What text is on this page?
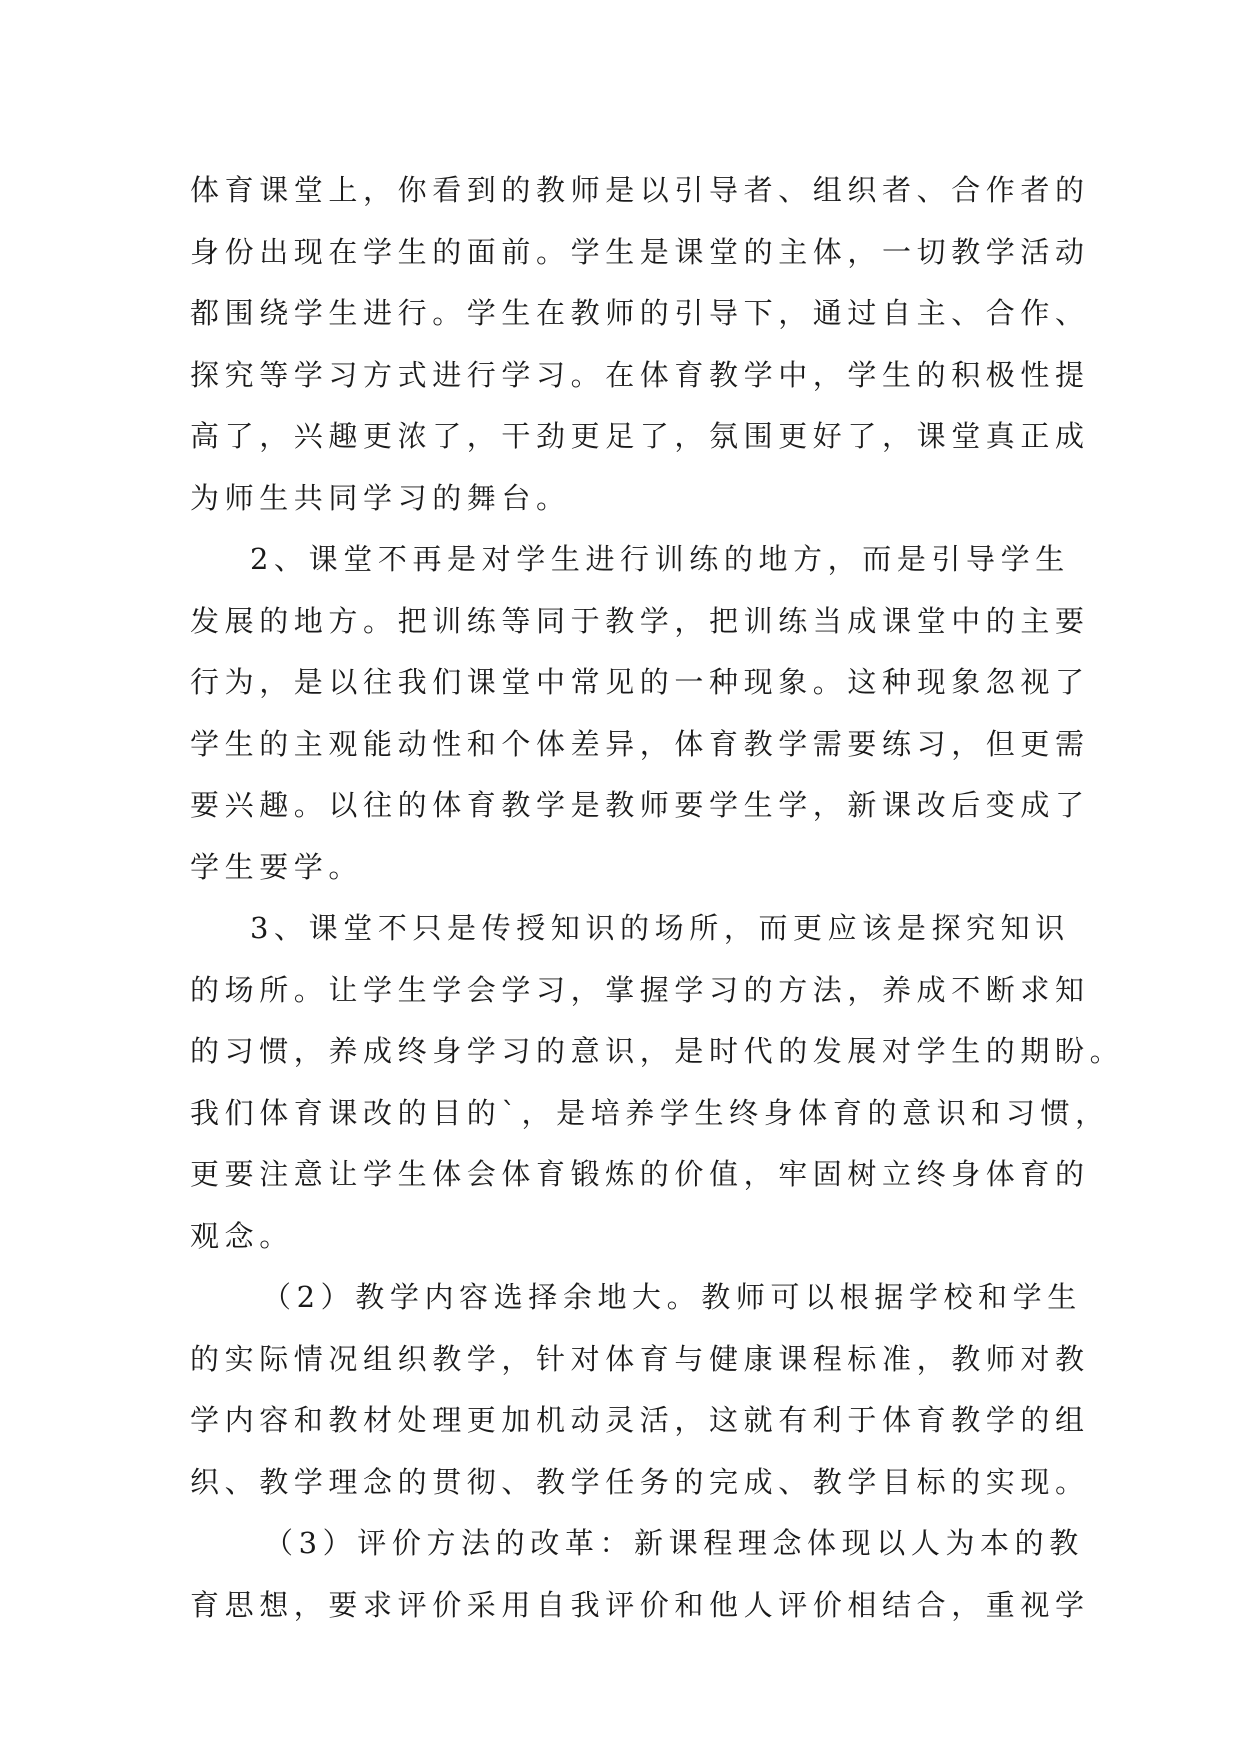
体育课堂上，你看到的教师是以引导者、组织者、合作者的
身份出现在学生的面前。学生是课堂的主体，一切教学活动
都围绕学生进行。学生在教师的引导下，通过自主、合作、
探究等学习方式进行学习。在体育教学中，学生的积极性提
高了，兴趣更浓了，干劲更足了，氛围更好了，课堂真正成
为师生共同学习的舞台。
2、课堂不再是对学生进行训练的地方，而是引导学生
发展的地方。把训练等同于教学，把训练当成课堂中的主要
行为，是以往我们课堂中常见的一种现象。这种现象忽视了
学生的主观能动性和个体差异，体育教学需要练习，但更需
要兴趣。以往的体育教学是教师要学生学，新课改后变成了
学生要学。
3、课堂不只是传授知识的场所，而更应该是探究知识
的场所。让学生学会学习，掌握学习的方法，养成不断求知
的习惯，养成终身学习的意识，是时代的发展对学生的期盼。
我们体育课改的目的`，是培养学生终身体育的意识和习惯，
更要注意让学生体会体育锻炼的价值，牢固树立终身体育的
观念。
（2）教学内容选择余地大。教师可以根据学校和学生
的实际情况组织教学，针对体育与健康课程标准，教师对教
学内容和教材处理更加机动灵活，这就有利于体育教学的组
织、教学理念的贯彻、教学任务的完成、教学目标的实现。
（3）评价方法的改革：新课程理念体现以人为本的教
育思想，要求评价采用自我评价和他人评价相结合，重视学
